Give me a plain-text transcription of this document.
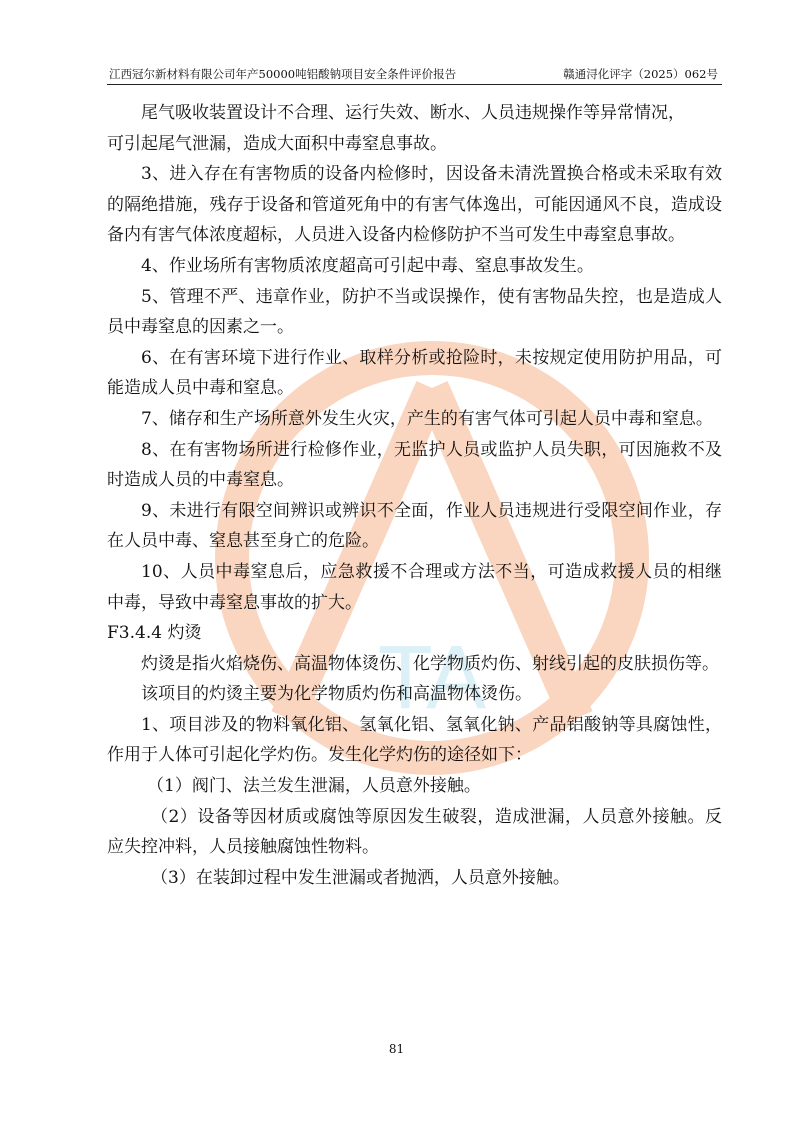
TA
江西冠尔新材料有限公司年产50000吨铝酸钠项目安全条件评价报告	赣通浔化评字（2025）062号

尾气吸收装置设计不合理、运行失效、断水、人员违规操作等异常情况，

可引起尾气泄漏，造成大面积中毒窒息事故。

3、进入存在有害物质的设备内检修时，因设备未清洗置换合格或未采取有效的隔绝措施，残存于设备和管道死角中的有害气体逸出，可能因通风不良，造成设备内有害气体浓度超标，人员进入设备内检修防护不当可发生中毒窒息事故。

4、作业场所有害物质浓度超高可引起中毒、窒息事故发生。

5、管理不严、违章作业，防护不当或误操作，使有害物品失控，也是造成人员中毒窒息的因素之一。

6、在有害环境下进行作业、取样分析或抢险时，未按规定使用防护用品，可能造成人员中毒和窒息。

7、储存和生产场所意外发生火灾，产生的有害气体可引起人员中毒和窒息。

8、在有害物场所进行检修作业，无监护人员或监护人员失职，可因施救不及时造成人员的中毒窒息。

9、未进行有限空间辨识或辨识不全面，作业人员违规进行受限空间作业，存在人员中毒、窒息甚至身亡的危险。

10、人员中毒窒息后，应急救援不合理或方法不当，可造成救援人员的相继中毒，导致中毒窒息事故的扩大。

F3.4.4 灼烫

灼烫是指火焰烧伤、高温物体烫伤、化学物质灼伤、射线引起的皮肤损伤等。

该项目的灼烫主要为化学物质灼伤和高温物体烫伤。

1、项目涉及的物料氧化铝、氢氧化铝、氢氧化钠、产品铝酸钠等具腐蚀性，作用于人体可引起化学灼伤。发生化学灼伤的途径如下：

（1）阀门、法兰发生泄漏，人员意外接触。

（2）设备等因材质或腐蚀等原因发生破裂，造成泄漏，人员意外接触。反应失控冲料，人员接触腐蚀性物料。

（3）在装卸过程中发生泄漏或者抛洒，人员意外接触。

81
